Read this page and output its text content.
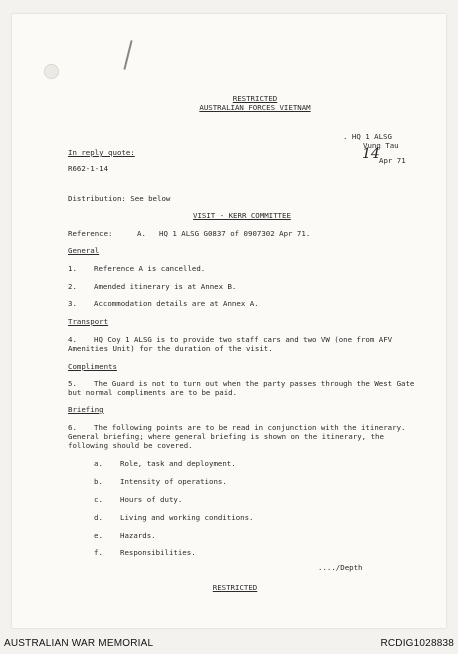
RESTRICTED
AUSTRALIAN FORCES VIETNAM
. HQ 1 ALSG
Vung Tau
14 Apr 71
In reply quote:
R662-1-14
Distribution: See below
VISIT - KERR COMMITTEE
Reference:	A. HQ 1 ALSG G0837 of 0907302 Apr 71.
General
1. Reference A is cancelled.
2. Amended itinerary is at Annex B.
3. Accommodation details are at Annex A.
Transport
4. HQ Coy 1 ALSG is to provide two staff cars and two VW (one from AFV
Amenities Unit) for the duration of the visit.
Compliments
5. The Guard is not to turn out when the party passes through the West Gate
but normal compliments are to be paid.
Briefing
6. The following points are to be read in conjunction with the itinerary.
General briefing; where general briefing is shown on the itinerary, the
following should be covered.
a. Role, task and deployment.
b. Intensity of operations.
c. Hours of duty.
d. Living and working conditions.
e. Hazards.
f. Responsibilities.
..../Depth
RESTRICTED
AUSTRALIAN WAR MEMORIAL	RCDIG1028838
